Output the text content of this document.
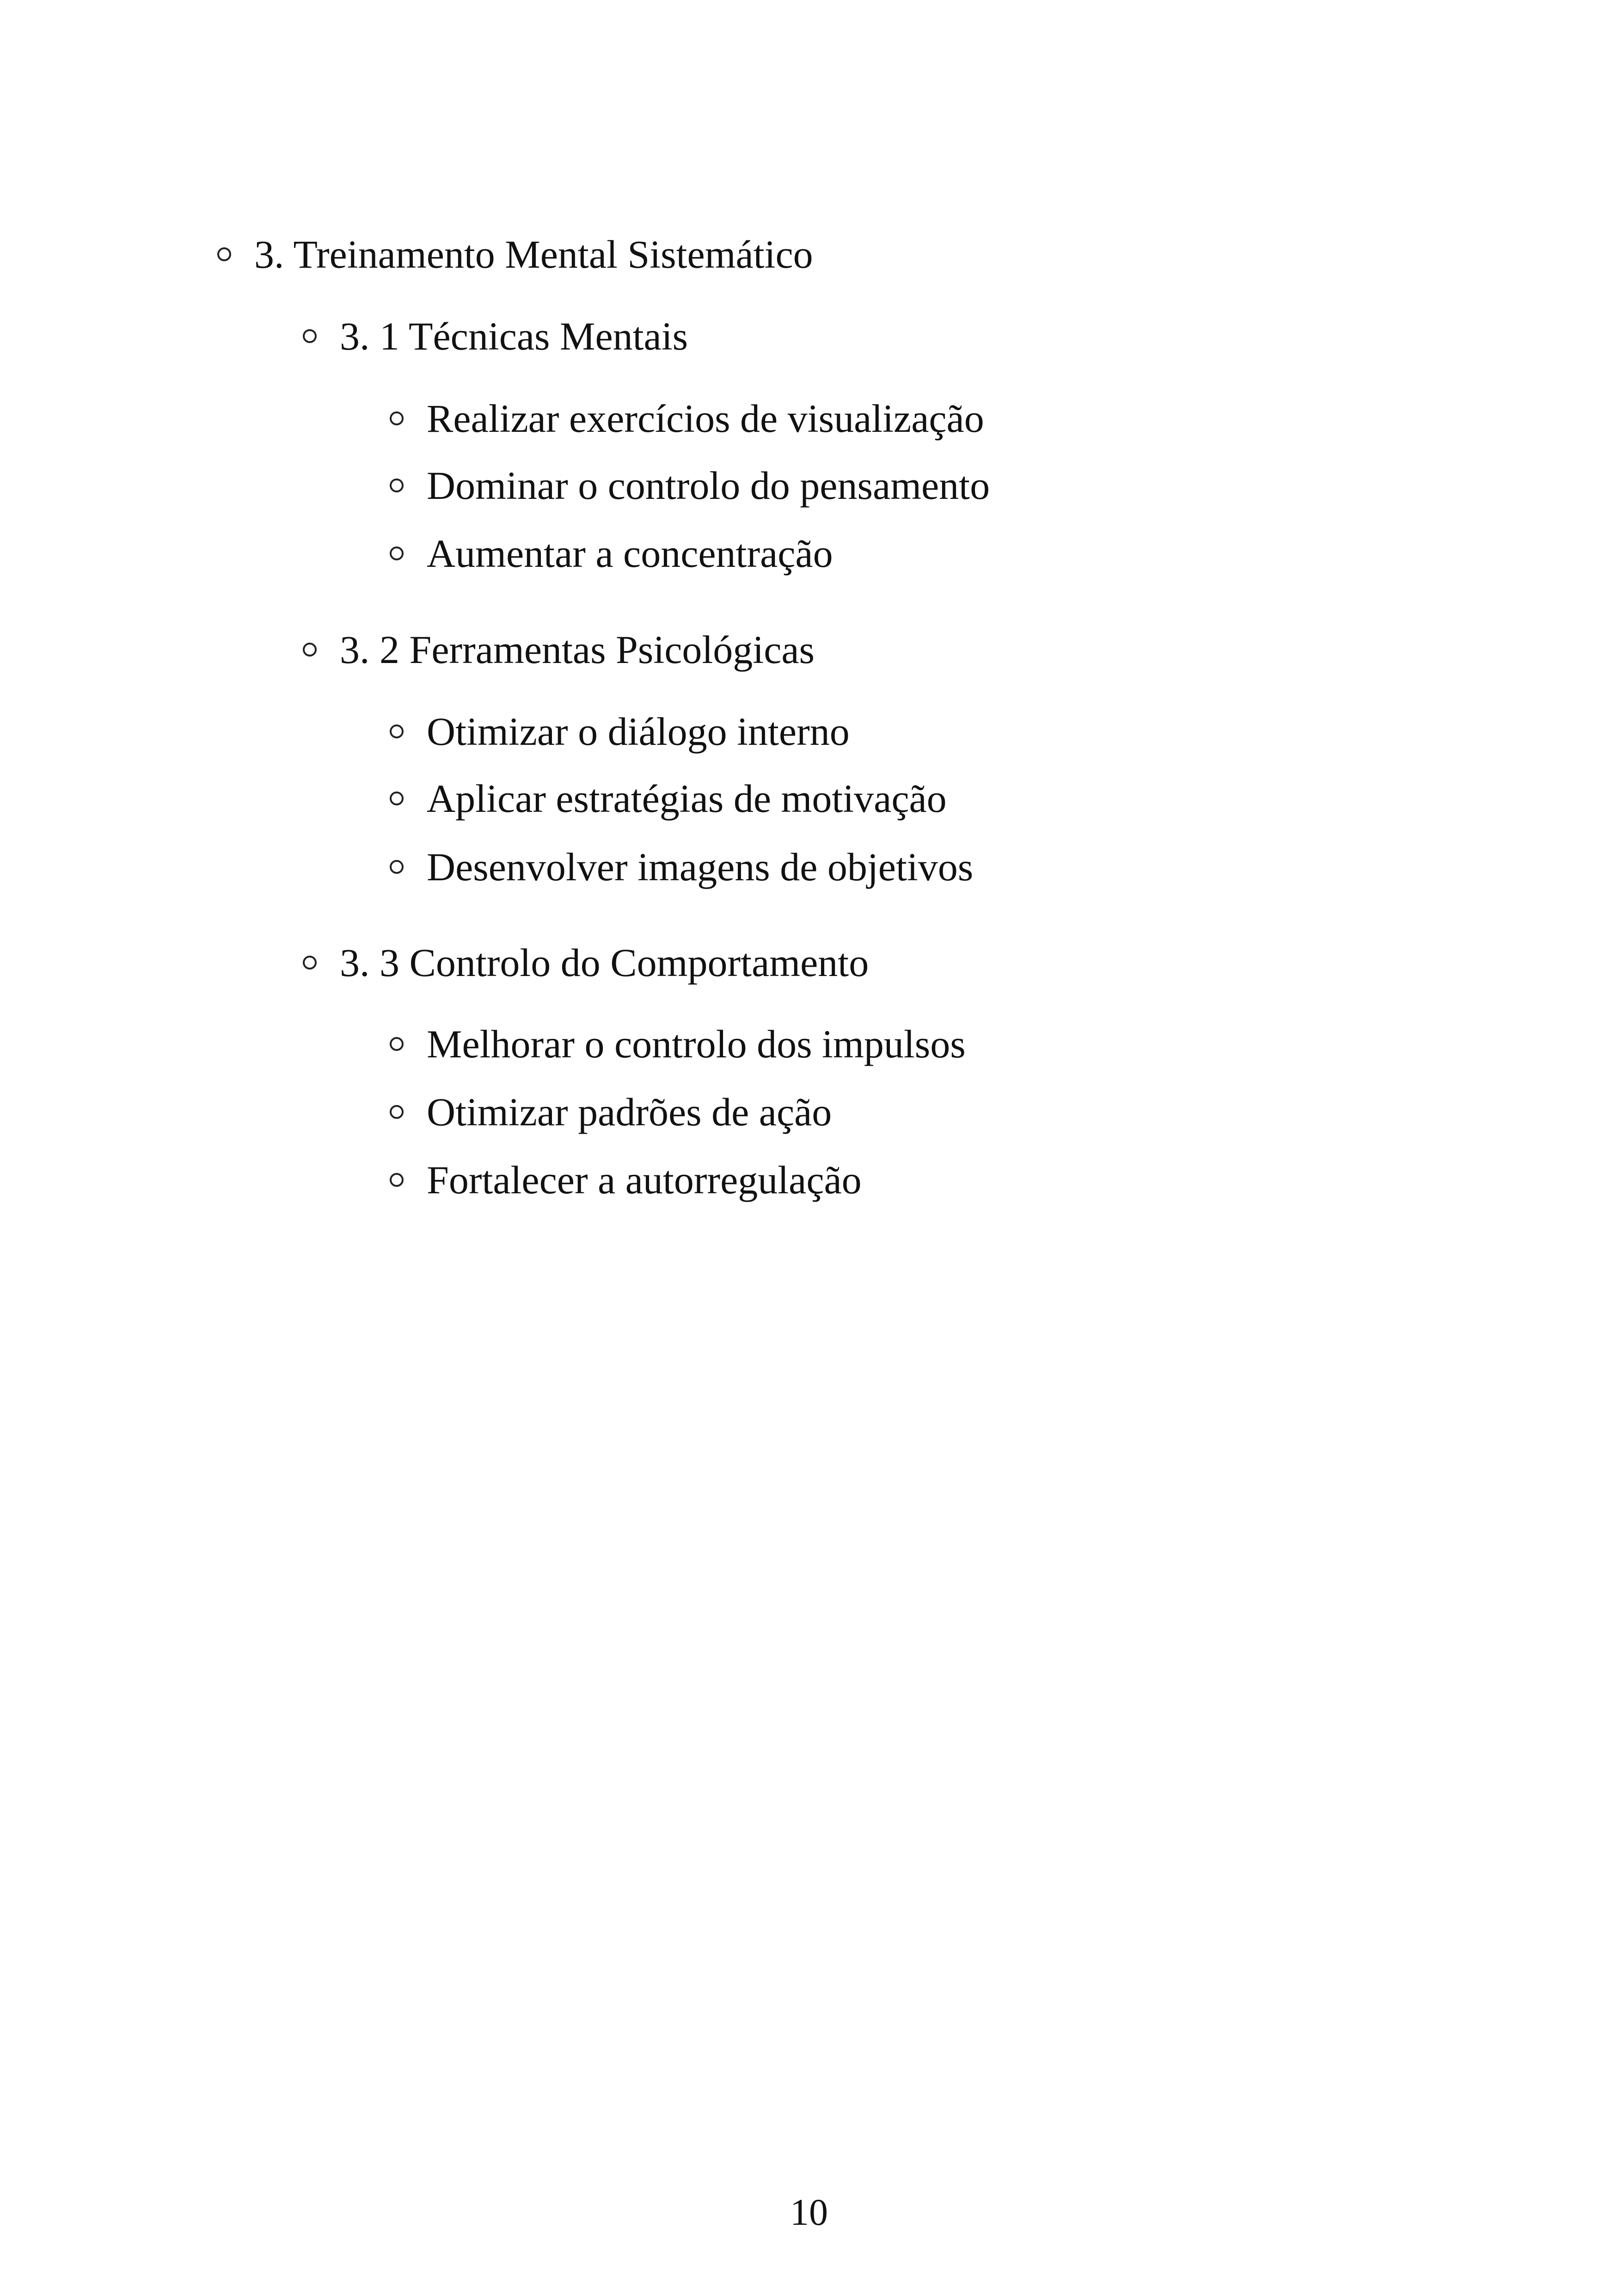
3. Treinamento Mental Sistemático
3. 1 Técnicas Mentais
Realizar exercícios de visualização
Dominar o controlo do pensamento
Aumentar a concentração
3. 2 Ferramentas Psicológicas
Otimizar o diálogo interno
Aplicar estratégias de motivação
Desenvolver imagens de objetivos
3. 3 Controlo do Comportamento
Melhorar o controlo dos impulsos
Otimizar padrões de ação
Fortalecer a autorregulação
10
